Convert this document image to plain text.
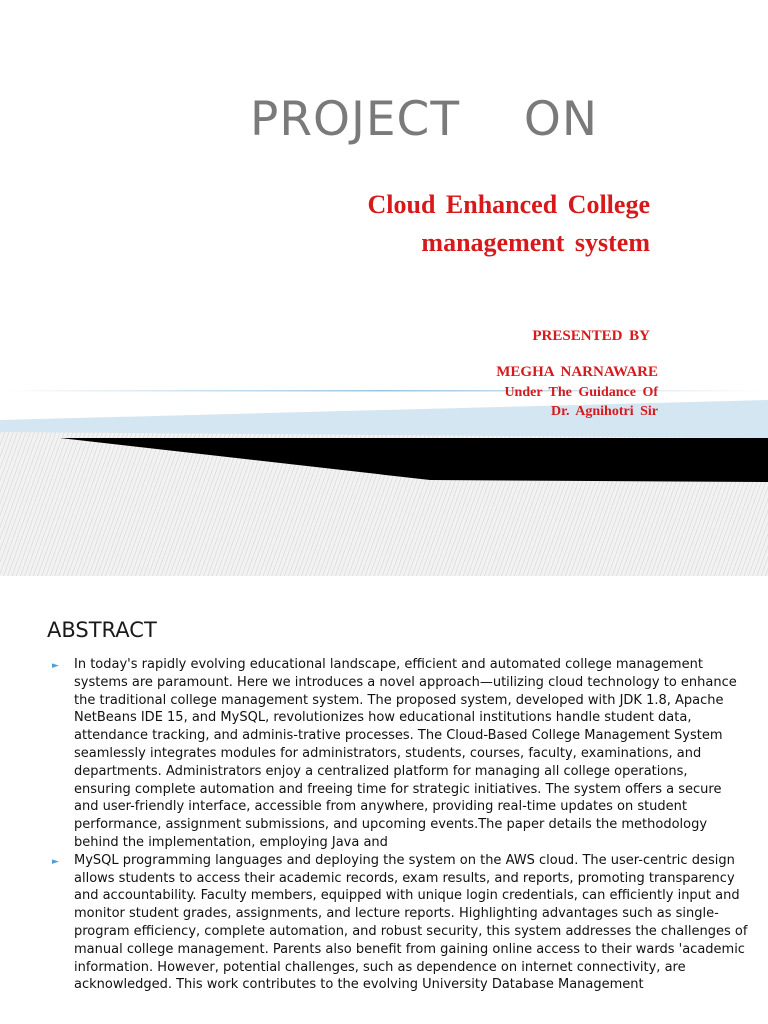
PROJECT    ON
Cloud Enhanced College
management system
PRESENTED BY
MEGHA NARNAWARE
Under The Guidance Of
Dr. Agnihotri Sir
ABSTRACT
► In today's rapidly evolving educational landscape, efficient and automated college management systems are paramount. Here we introduces a novel approach—utilizing cloud technology to enhance the traditional college management system. The proposed system, developed with JDK 1.8, Apache NetBeans IDE 15, and MySQL, revolutionizes how educational institutions handle student data, attendance tracking, and adminis-trative processes. The Cloud-Based College Management System seamlessly integrates modules for administrators, students, courses, faculty, examinations, and departments. Administrators enjoy a centralized platform for managing all college operations, ensuring complete automation and freeing time for strategic initiatives. The system offers a secure and user-friendly interface, accessible from anywhere, providing real-time updates on student performance, assignment submissions, and upcoming events.The paper details the methodology behind the implementation, employing Java and
► MySQL programming languages and deploying the system on the AWS cloud. The user-centric design allows students to access their academic records, exam results, and reports, promoting transparency and accountability. Faculty members, equipped with unique login credentials, can efficiently input and monitor student grades, assignments, and lecture reports. Highlighting advantages such as single-program efficiency, complete automation, and robust security, this system addresses the challenges of manual college management. Parents also benefit from gaining online access to their wards 'academic information. However, potential challenges, such as dependence on internet connectivity, are acknowledged. This work contributes to the evolving University Database Management
